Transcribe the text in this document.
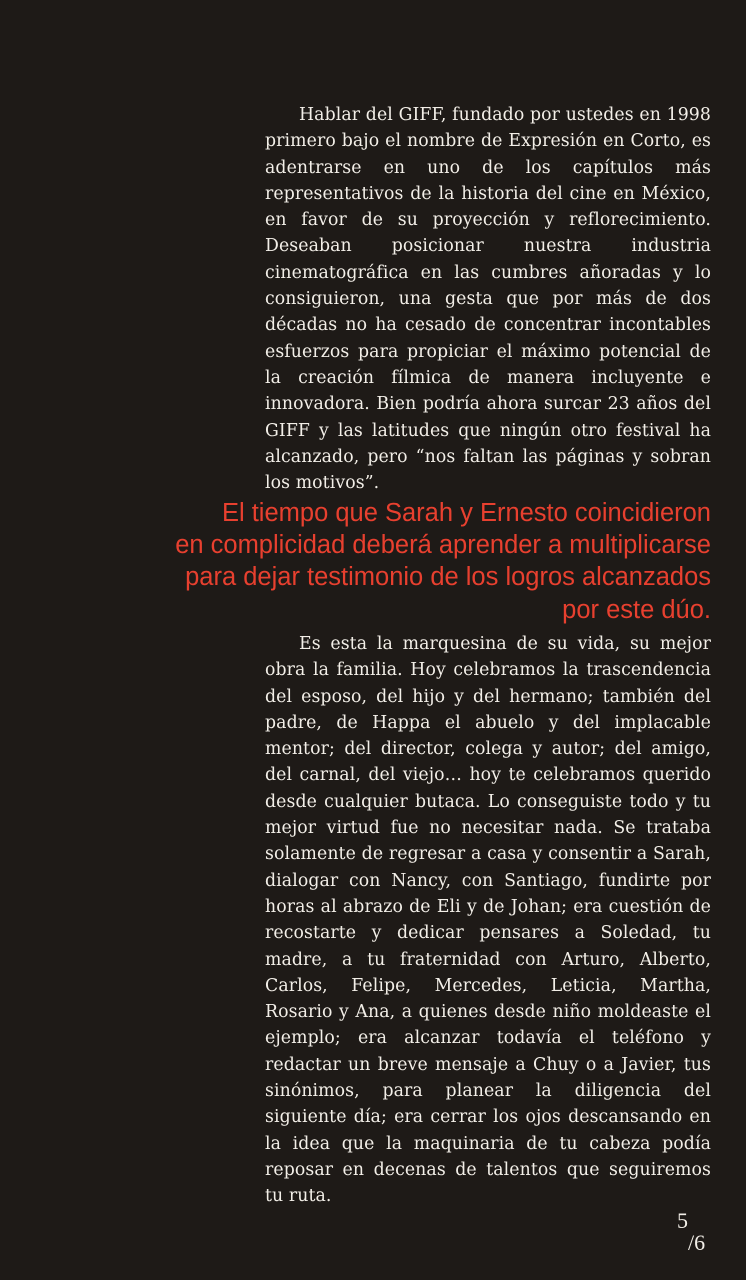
Hablar del GIFF, fundado por ustedes en 1998 primero bajo el nombre de Expresión en Corto, es adentrarse en uno de los capítulos más representativos de la historia del cine en México, en favor de su proyección y reflorecimiento. Deseaban posicionar nuestra industria cinematográfica en las cumbres añoradas y lo consiguieron, una gesta que por más de dos décadas no ha cesado de concentrar incontables esfuerzos para propiciar el máximo potencial de la creación fílmica de manera incluyente e innovadora. Bien podría ahora surcar 23 años del GIFF y las latitudes que ningún otro festival ha alcanzado, pero “nos faltan las páginas y sobran los motivos”.

El tiempo que Sarah y Ernesto coincidieron
en complicidad deberá aprender a multiplicarse
para dejar testimonio de los logros alcanzados
por este dúo.

Es esta la marquesina de su vida, su mejor obra la familia. Hoy celebramos la trascendencia del esposo, del hijo y del hermano; también del padre, de Happa el abuelo y del implacable mentor; del director, colega y autor; del amigo, del carnal, del viejo… hoy te celebramos querido desde cualquier butaca. Lo conseguiste todo y tu mejor virtud fue no necesitar nada. Se trataba solamente de regresar a casa y consentir a Sarah, dialogar con Nancy, con Santiago, fundirte por horas al abrazo de Eli y de Johan; era cuestión de recostarte y dedicar pensares a Soledad, tu madre, a tu fraternidad con Arturo, Alberto, Carlos, Felipe, Mercedes, Leticia, Martha, Rosario y Ana, a quienes desde niño moldeaste el ejemplo; era alcanzar todavía el teléfono y redactar un breve mensaje a Chuy o a Javier, tus sinónimos, para planear la diligencia del siguiente día; era cerrar los ojos descansando en la idea que la maquinaria de tu cabeza podía reposar en decenas de talentos que seguiremos tu ruta.

5
/6
